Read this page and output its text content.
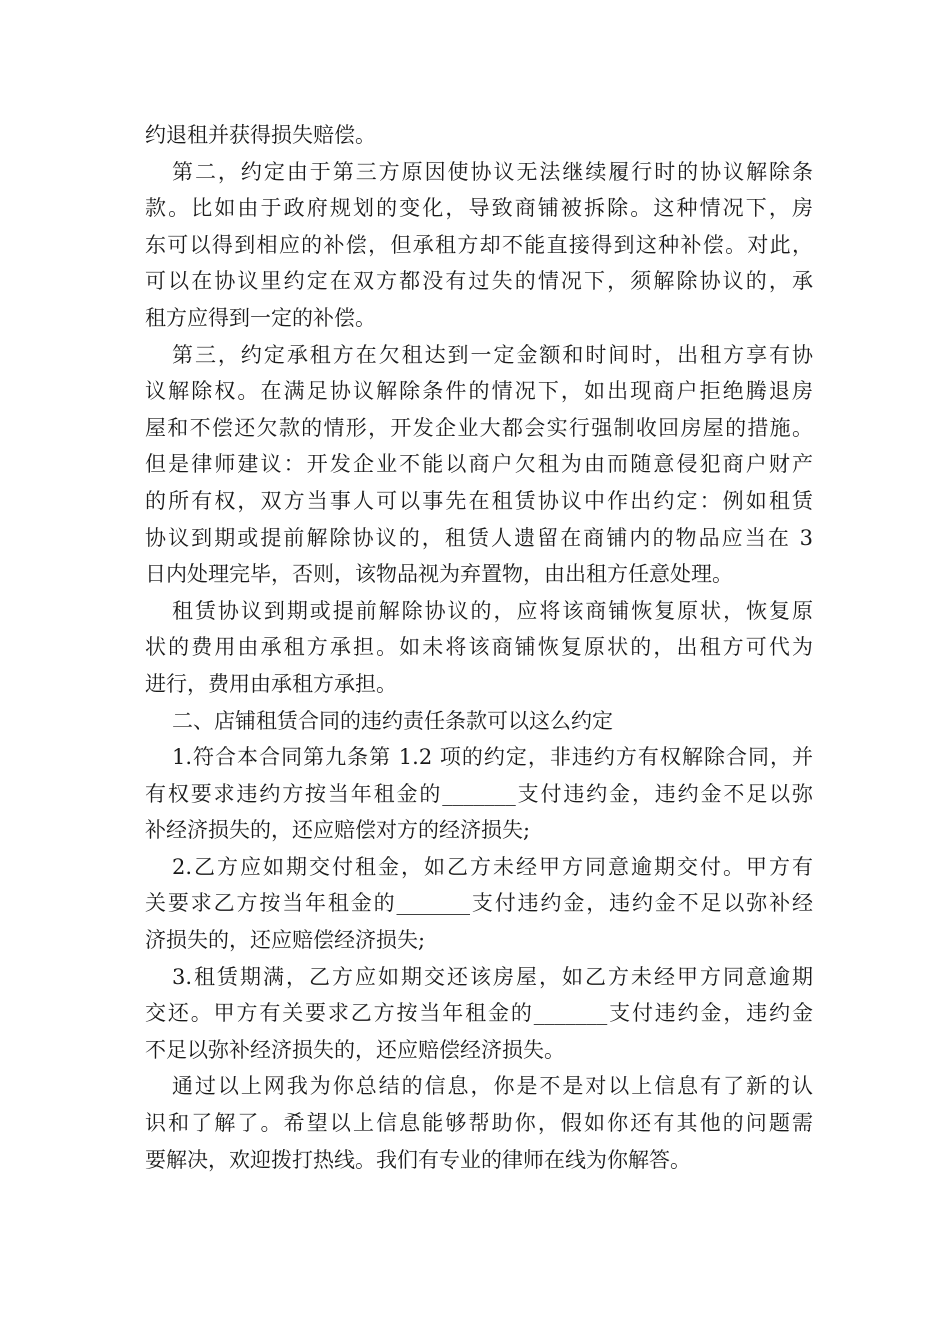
约退租并获得损失赔偿。
第二，约定由于第三方原因使协议无法继续履行时的协议解除条
款。比如由于政府规划的变化，导致商铺被拆除。这种情况下，房
东可以得到相应的补偿，但承租方却不能直接得到这种补偿。对此，
可以在协议里约定在双方都没有过失的情况下，须解除协议的，承
租方应得到一定的补偿。
第三，约定承租方在欠租达到一定金额和时间时，出租方享有协
议解除权。在满足协议解除条件的情况下，如出现商户拒绝腾退房
屋和不偿还欠款的情形，开发企业大都会实行强制收回房屋的措施。
但是律师建议：开发企业不能以商户欠租为由而随意侵犯商户财产
的所有权，双方当事人可以事先在租赁协议中作出约定：例如租赁
协议到期或提前解除协议的，租赁人遗留在商铺内的物品应当在 3
日内处理完毕，否则，该物品视为弃置物，由出租方任意处理。
租赁协议到期或提前解除协议的，应将该商铺恢复原状，恢复原
状的费用由承租方承担。如未将该商铺恢复原状的，出租方可代为
进行，费用由承租方承担。
二、店铺租赁合同的违约责任条款可以这么约定
1.符合本合同第九条第 1.2 项的约定，非违约方有权解除合同，并
有权要求违约方按当年租金的_______支付违约金，违约金不足以弥
补经济损失的，还应赔偿对方的经济损失;
2.乙方应如期交付租金，如乙方未经甲方同意逾期交付。甲方有
关要求乙方按当年租金的_______支付违约金，违约金不足以弥补经
济损失的，还应赔偿经济损失;
3.租赁期满，乙方应如期交还该房屋，如乙方未经甲方同意逾期
交还。甲方有关要求乙方按当年租金的_______支付违约金，违约金
不足以弥补经济损失的，还应赔偿经济损失。
通过以上网我为你总结的信息，你是不是对以上信息有了新的认
识和了解了。希望以上信息能够帮助你，假如你还有其他的问题需
要解决，欢迎拨打热线。我们有专业的律师在线为你解答。
